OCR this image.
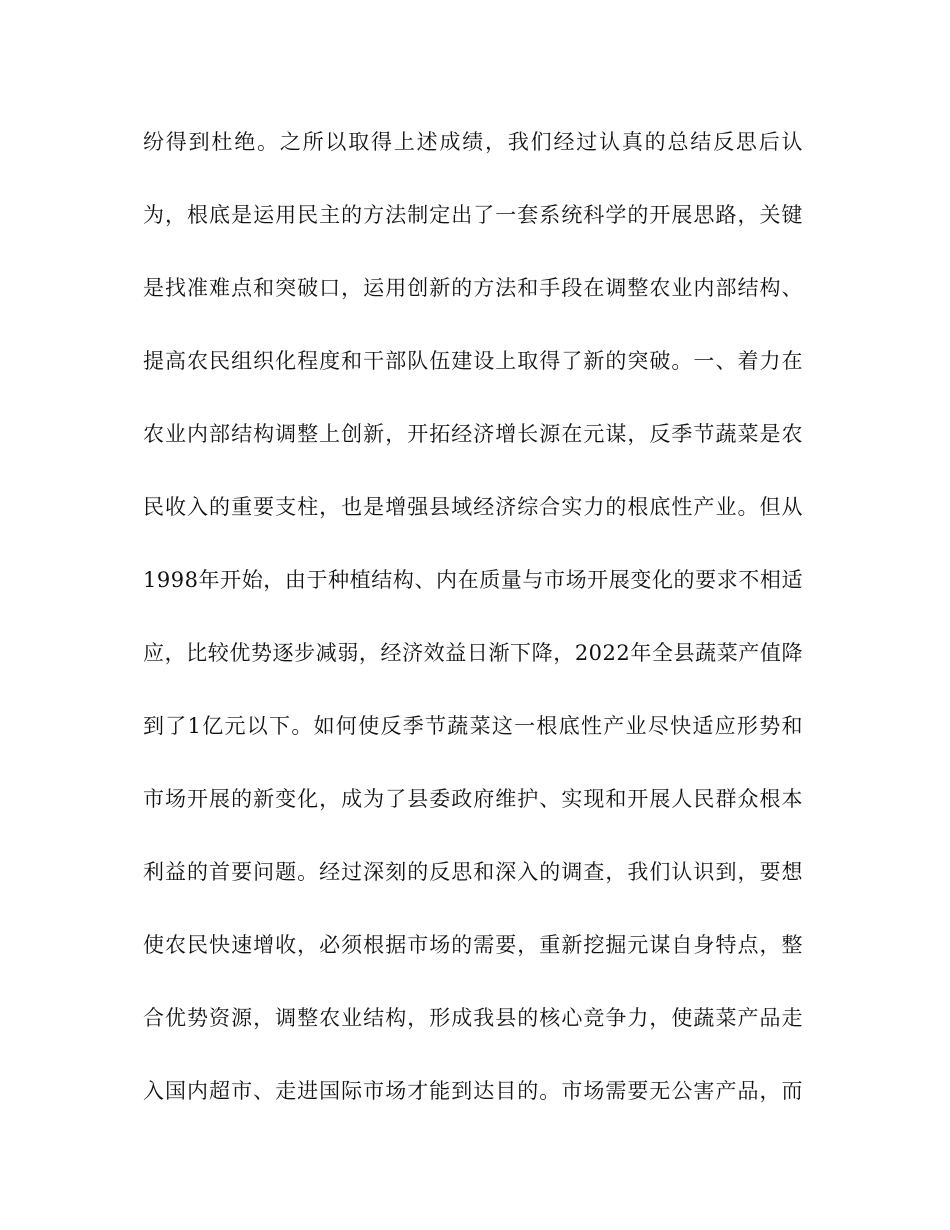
纷得到杜绝。之所以取得上述成绩，我们经过认真的总结反思后认
为，根底是运用民主的方法制定出了一套系统科学的开展思路，关键
是找准难点和突破口，运用创新的方法和手段在调整农业内部结构、
提高农民组织化程度和干部队伍建设上取得了新的突破。一、着力在
农业内部结构调整上创新，开拓经济增长源在元谋，反季节蔬菜是农
民收入的重要支柱，也是增强县域经济综合实力的根底性产业。但从
1998年开始，由于种植结构、内在质量与市场开展变化的要求不相适
应，比较优势逐步减弱，经济效益日渐下降，2022年全县蔬菜产值降
到了1亿元以下。如何使反季节蔬菜这一根底性产业尽快适应形势和
市场开展的新变化，成为了县委政府维护、实现和开展人民群众根本
利益的首要问题。经过深刻的反思和深入的调查，我们认识到，要想
使农民快速增收，必须根据市场的需要，重新挖掘元谋自身特点，整
合优势资源，调整农业结构，形成我县的核心竞争力，使蔬菜产品走
入国内超市、走进国际市场才能到达目的。市场需要无公害产品，而
